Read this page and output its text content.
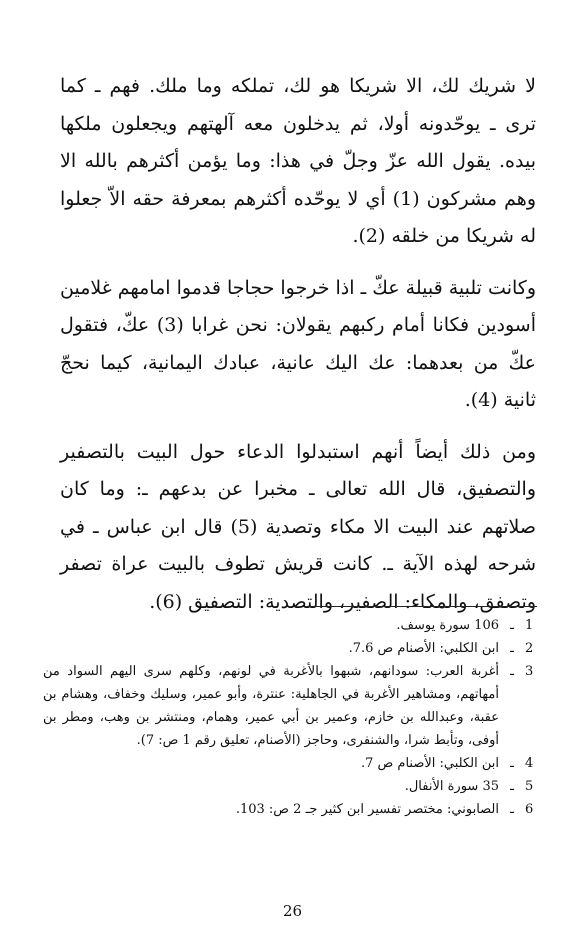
لا شريك لك، الا شريكا هو لك، تملكه وما ملك. فهم ـ كما ترى ـ يوحّدونه أولا، ثم يدخلون معه آلهتهم ويجعلون ملكها بيده. يقول الله عزّ وجلّ في هذا: وما يؤمن أكثرهم بالله الا وهم مشركون (1) أي لا يوحّده أكثرهم بمعرفة حقه الاّ جعلوا له شريكا من خلقه (2).

وكانت تلبية قبيلة عكّ ـ اذا خرجوا حجاجا قدموا امامهم غلامين أسودين فكانا أمام ركبهم يقولان: نحن غرابا (3) عكّ، فتقول عكّ من بعدهما: عك اليك عانية، عبادك اليمانية، كيما نحجّ ثانية (4).

ومن ذلك أيضاً أنهم استبدلوا الدعاء حول البيت بالتصفير والتصفيق، قال الله تعالى ـ مخبرا عن بدعهم ـ: وما كان صلاتهم عند البيت الا مكاء وتصدية (5) قال ابن عباس ـ في شرحه لهذه الآية ـ. كانت قريش تطوف بالبيت عراة تصفر وتصفق، والمكاء: الصفير، والتصدية: التصفيق (6).

1
ـ
106 سورة يوسف.
2
ـ
ابن الكلبي: الأصنام ص 7.6.
3
ـ
أغربة العرب: سودانهم، شبهوا بالأغربة في لونهم، وكلهم سرى اليهم السواد من أمهاتهم، ومشاهير الأغربة في الجاهلية: عنترة، وأبو عمير، وسليك وخفاف، وهشام بن عقبة، وعبدالله بن خازم، وعمير بن أبي عمير، وهمام، ومنتشر بن وهب، ومطر بن أوفى، وتأبط شرا، والشنفرى، وحاجز (الأصنام، تعليق رقم 1 ص: 7).
4
ـ
ابن الكلبي: الأصنام ص 7.
5
ـ
35 سورة الأنفال.
6
ـ
الصابوني: مختصر تفسير ابن كثير جـ 2 ص: 103.
26
